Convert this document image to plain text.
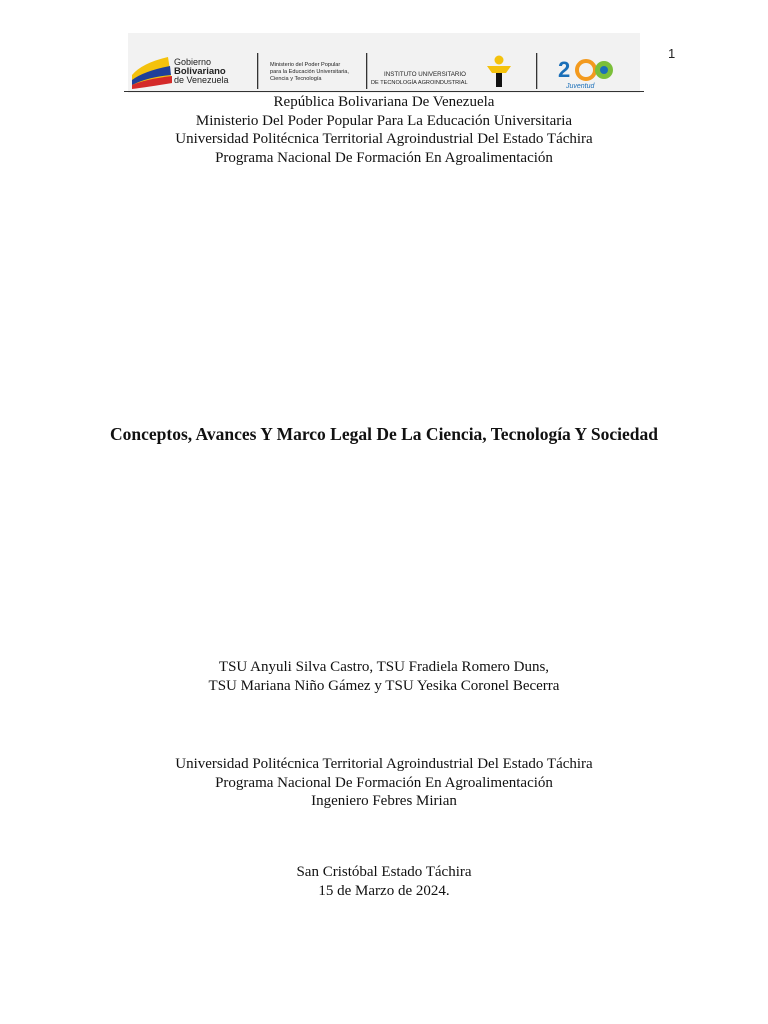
1
Gobierno
Bolivariano
de Venezuela
Ministerio del Poder Popular
para la Educación Universitaria,
Ciencia y Tecnología
INSTITUTO UNIVERSITARIO
DE TECNOLOGÍA AGROINDUSTRIAL
2
Juventud
República Bolivariana De Venezuela
Ministerio Del Poder Popular Para La Educación Universitaria
Universidad Politécnica Territorial Agroindustrial Del Estado Táchira
Programa Nacional De Formación En Agroalimentación
Conceptos, Avances Y Marco Legal De La Ciencia, Tecnología Y Sociedad
TSU Anyuli Silva Castro, TSU Fradiela Romero Duns,
TSU Mariana Niño Gámez y TSU Yesika Coronel Becerra
Universidad Politécnica Territorial Agroindustrial Del Estado Táchira
Programa Nacional De Formación En Agroalimentación
Ingeniero Febres Mirian
San Cristóbal Estado Táchira
15 de Marzo de 2024.
